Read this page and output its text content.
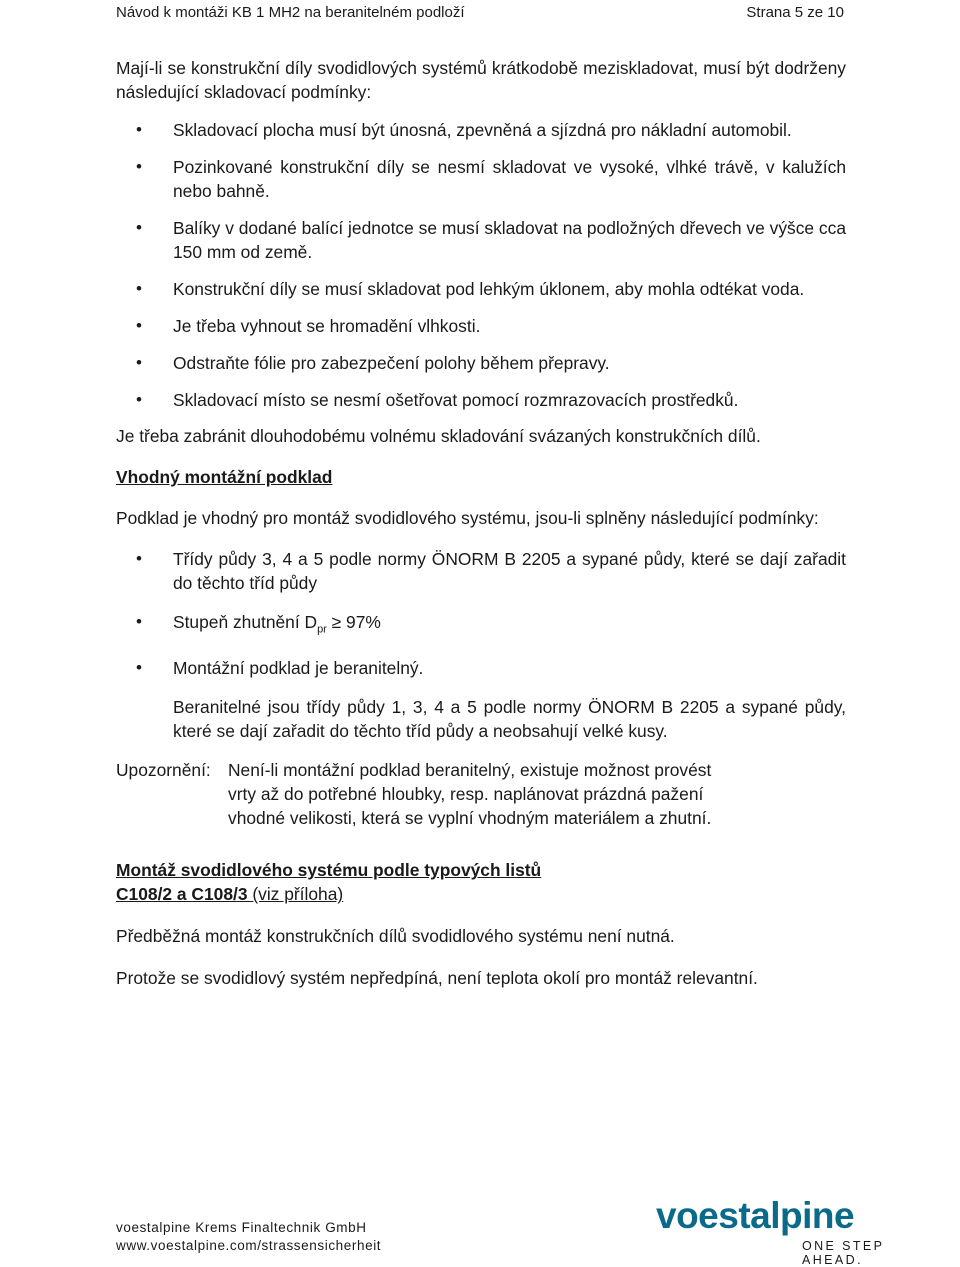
Návod k montáži KB 1 MH2 na beranitelném podloží	Strana 5 ze 10

Mají-li se konstrukční díly svodidlových systémů krátkodobě meziskladovat, musí být dodrženy následující skladovací podmínky:

• Skladovací plocha musí být únosná, zpevněná a sjízdná pro nákladní automobil.
• Pozinkované konstrukční díly se nesmí skladovat ve vysoké, vlhké trávě, v kalužích nebo bahně.
• Balíky v dodané balící jednotce se musí skladovat na podložných dřevech ve výšce cca 150 mm od země.
• Konstrukční díly se musí skladovat pod lehkým úklonem, aby mohla odtékat voda.
• Je třeba vyhnout se hromadění vlhkosti.
• Odstraňte fólie pro zabezpečení polohy během přepravy.
• Skladovací místo se nesmí ošetřovat pomocí rozmrazovacích prostředků.

Je třeba zabránit dlouhodobému volnému skladování svázaných konstrukčních dílů.

Vhodný montážní podklad

Podklad je vhodný pro montáž svodidlového systému, jsou-li splněny následující podmínky:

• Třídy půdy 3, 4 a 5 podle normy ÖNORM B 2205 a sypané půdy, které se dají zařadit do těchto tříd půdy
• Stupeň zhutnění $D_{pr} \ge 97\%$
• Montážní podklad je beranitelný.

Beranitelné jsou třídy půdy 1, 3, 4 a 5 podle normy ÖNORM B 2205 a sypané půdy, které se dají zařadit do těchto tříd půdy a neobsahují velké kusy.

Upozornění: Není-li montážní podklad beranitelný, existuje možnost provést
vrty až do potřebné hloubky, resp. naplánovat prázdná pažení
vhodné velikosti, která se vyplní vhodným materiálem a zhutní.
Montáž svodidlového systému podle typových listů
C108/2 a C108/3 (viz příloha)

Předběžná montáž konstrukčních dílů svodidlového systému není nutná.

Protože se svodidlový systém nepředpíná, není teplota okolí pro montáž relevantní.

voestalpine Krems Finaltechnik GmbH
www.voestalpine.com/strassensicherheit
voestalpine
ONE STEP AHEAD.
